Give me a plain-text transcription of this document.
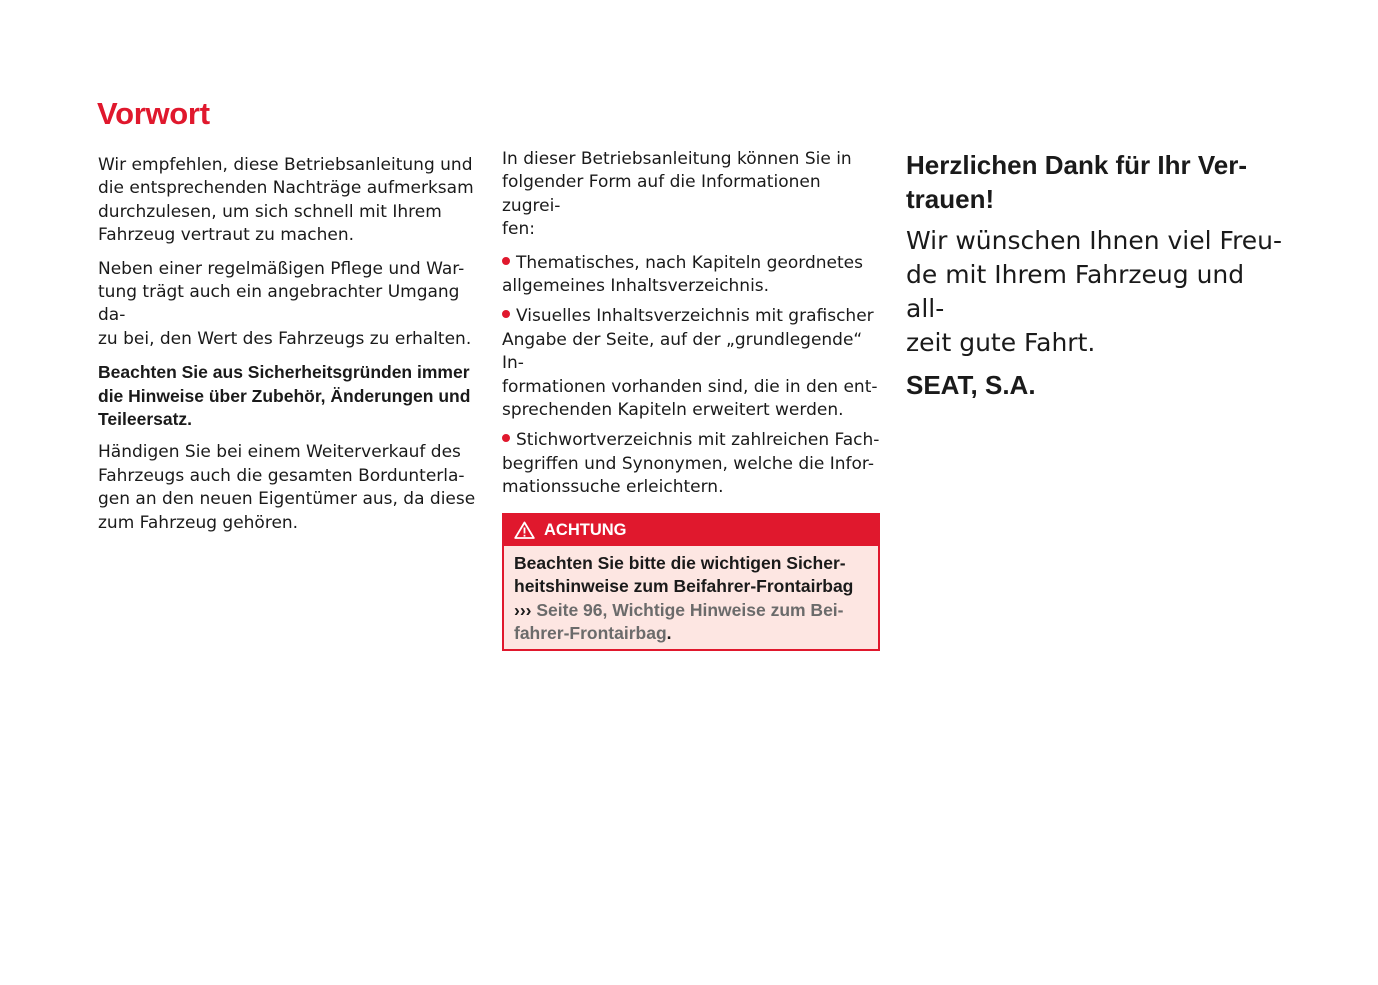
Vorwort

Wir empfehlen, diese Betriebsanleitung und
die entsprechenden Nachträge aufmerksam
durchzulesen, um sich schnell mit Ihrem
Fahrzeug vertraut zu machen.

Neben einer regelmäßigen Pflege und War-
tung trägt auch ein angebrachter Umgang da-
zu bei, den Wert des Fahrzeugs zu erhalten.

Beachten Sie aus Sicherheitsgründen immer
die Hinweise über Zubehör, Änderungen und
Teileersatz.

Händigen Sie bei einem Weiterverkauf des
Fahrzeugs auch die gesamten Bordunterla-
gen an den neuen Eigentümer aus, da diese
zum Fahrzeug gehören.

In dieser Betriebsanleitung können Sie in
folgender Form auf die Informationen zugrei-
fen:

Thematisches, nach Kapiteln geordnetes
allgemeines Inhaltsverzeichnis.
Visuelles Inhaltsverzeichnis mit grafischer
Angabe der Seite, auf der „grundlegende“ In-
formationen vorhanden sind, die in den ent-
sprechenden Kapiteln erweitert werden.
Stichwortverzeichnis mit zahlreichen Fach-
begriffen und Synonymen, welche die Infor-
mationssuche erleichtern.
ACHTUNG
Beachten Sie bitte die wichtigen Sicher-
heitshinweise zum Beifahrer-Frontairbag
››› Seite 96, Wichtige Hinweise zum Bei-
fahrer-Frontairbag.
Herzlichen Dank für Ihr Ver-
trauen!

Wir wünschen Ihnen viel Freu-
de mit Ihrem Fahrzeug und all-
zeit gute Fahrt.

SEAT, S.A.
